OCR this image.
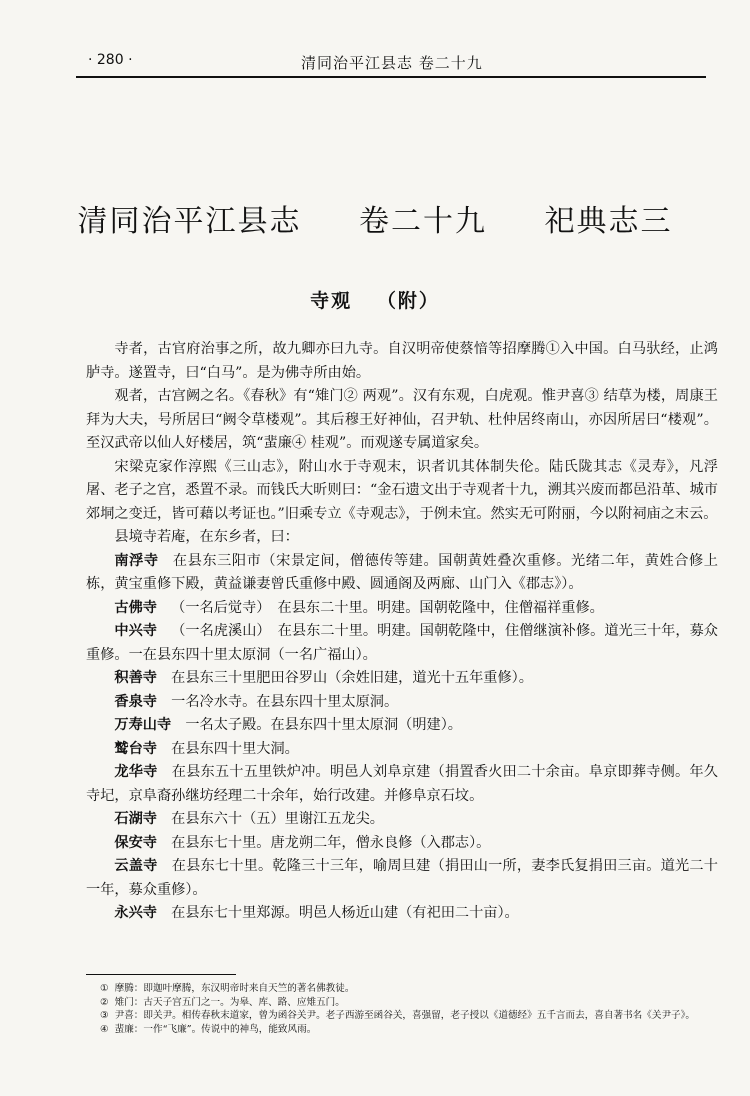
· 280 ·	清同治平江县志 卷二十九
清同治平江县志 卷二十九 祀典志三
寺观 （附）

寺者，古官府治事之所，故九卿亦曰九寺。自汉明帝使蔡愔等招摩腾①入中国。白马驮经，止鸿胪寺。遂置寺，曰“白马”。是为佛寺所由始。

观者，古宫阙之名。《春秋》有“雉门② 两观”。汉有东观，白虎观。惟尹喜③ 结草为楼，周康王拜为大夫，号所居曰“阙令草楼观”。其后穆王好神仙，召尹轨、杜仲居终南山，亦因所居曰“楼观”。至汉武帝以仙人好楼居，筑“蜚廉④ 桂观”。而观遂专属道家矣。

宋梁克家作淳熙《三山志》，附山水于寺观末，识者讥其体制失伦。陆氏陇其志《灵寿》，凡浮屠、老子之宫，悉置不录。而钱氏大昕则曰：“金石遗文出于寺观者十九，溯其兴废而都邑沿革、城市郊垌之变迁，皆可藉以考证也。”旧乘专立《寺观志》，于例未宜。然实无可附丽，今以附祠庙之末云。

县境寺若庵，在东乡者，曰：

南浮寺 在县东三阳市（宋景定间，僧德传等建。国朝黄姓叠次重修。光绪二年，黄姓合修上栋，黄宝重修下殿，黄益谦妻曾氏重修中殿、圆通阁及两廊、山门入《郡志》）。
古佛寺 （一名后觉寺）　在县东二十里。明建。国朝乾隆中，住僧福祥重修。
中兴寺 （一名虎溪山）　在县东二十里。明建。国朝乾隆中，住僧继演补修。道光三十年，募众重修。一在县东四十里太原洞（一名广福山）。
积善寺 在县东三十里肥田谷罗山（余姓旧建，道光十五年重修）。
香泉寺 一名冷水寺。在县东四十里太原洞。
万寿山寺 一名太子殿。在县东四十里太原洞（明建）。
鹫台寺 在县东四十里大洞。
龙华寺 在县东五十五里铁炉冲。明邑人刘阜京建（捐置香火田二十余亩。阜京即葬寺侧。年久寺圮，京阜裔孙继坊经理二十余年，始行改建。并修阜京石坟。
石湖寺 在县东六十（五）里谢江五龙尖。
保安寺 在县东七十里。唐龙朔二年，僧永良修（入郡志）。
云盖寺 在县东七十里。乾隆三十三年，喻周旦建（捐田山一所，妻李氏复捐田三亩。道光二十一年，募众重修）。
永兴寺 在县东七十里郑源。明邑人杨近山建（有祀田二十亩）。
① 摩腾：即迦叶摩腾，东汉明帝时来自天竺的著名佛教徒。
② 雉门：古天子宫五门之一。为皋、库、路、应雉五门。
③ 尹喜：即关尹。相传春秋末道家，曾为函谷关尹。老子西游至函谷关，喜强留，老子授以《道德经》五千言而去，喜自著书名《关尹子》。
④ 蜚廉：一作“飞廉”。传说中的神鸟，能致风雨。
